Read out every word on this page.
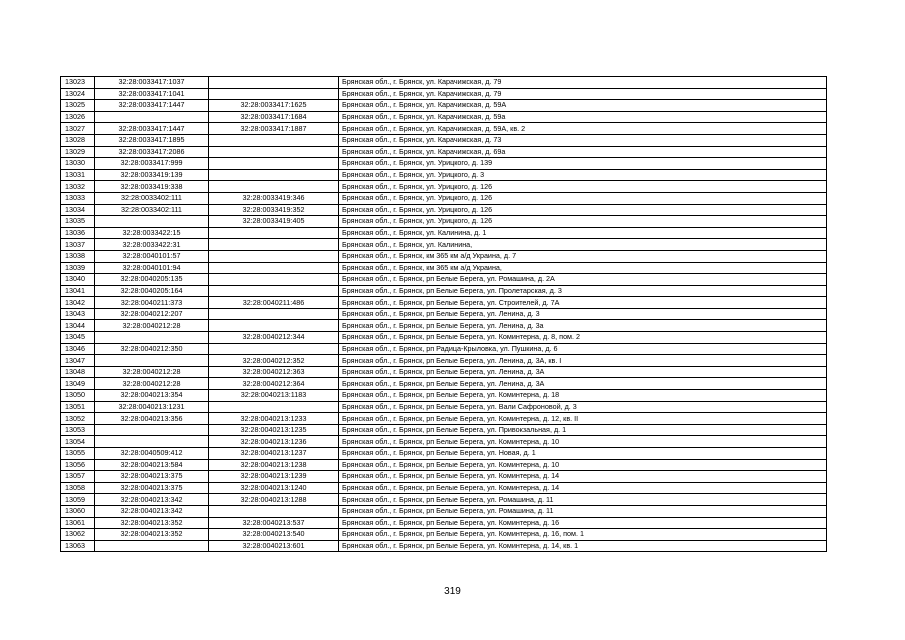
13023	32:28:0033417:1037		Брянская обл., г. Брянск, ул. Карачижская, д. 79
13024	32:28:0033417:1041		Брянская обл., г. Брянск, ул. Карачижская, д. 79
13025	32:28:0033417:1447	32:28:0033417:1625	Брянская обл., г. Брянск, ул. Карачижская, д. 59А
13026		32:28:0033417:1684	Брянская обл., г. Брянск, ул. Карачижская, д. 59а
13027	32:28:0033417:1447	32:28:0033417:1887	Брянская обл., г. Брянск, ул. Карачижская, д. 59А, кв. 2
13028	32:28:0033417:1895		Брянская обл., г. Брянск, ул. Карачижская, д. 73
13029	32:28:0033417:2086		Брянская обл., г. Брянск, ул. Карачижская, д. 69а
13030	32:28:0033417:999		Брянская обл., г. Брянск, ул. Урицкого, д. 139
13031	32:28:0033419:139		Брянская обл., г. Брянск, ул. Урицкого, д. 3
13032	32:28:0033419:338		Брянская обл., г. Брянск, ул. Урицкого, д. 126
13033	32:28:0033402:111	32:28:0033419:346	Брянская обл., г. Брянск, ул. Урицкого, д. 126
13034	32:28:0033402:111	32:28:0033419:352	Брянская обл., г. Брянск, ул. Урицкого, д. 126
13035		32:28:0033419:405	Брянская обл., г. Брянск, ул. Урицкого, д. 126
13036	32:28:0033422:15		Брянская обл., г. Брянск, ул. Калинина, д. 1
13037	32:28:0033422:31		Брянская обл., г. Брянск, ул. Калинина,
13038	32:28:0040101:57		Брянская обл., г. Брянск, км 365 км а/д Украина, д. 7
13039	32:28:0040101:94		Брянская обл., г. Брянск, км 365 км а/д Украина,
13040	32:28:0040205:135		Брянская обл., г. Брянск, рп Белые Берега, ул. Ромашина, д. 2А
13041	32:28:0040205:164		Брянская обл., г. Брянск, рп Белые Берега, ул. Пролетарская, д. 3
13042	32:28:0040211:373	32:28:0040211:486	Брянская обл., г. Брянск, рп Белые Берега, ул. Строителей, д. 7А
13043	32:28:0040212:207		Брянская обл., г. Брянск, рп Белые Берега, ул. Ленина, д. 3
13044	32:28:0040212:28		Брянская обл., г. Брянск, рп Белые Берега, ул. Ленина, д. 3а
13045		32:28:0040212:344	Брянская обл., г. Брянск, рп Белые Берега, ул. Коминтерна, д. 8, пом. 2
13046	32:28:0040212:350		Брянская обл., г. Брянск, рп Радица-Крыловка, ул. Пушкина, д. 6
13047		32:28:0040212:352	Брянская обл., г. Брянск, рп Белые Берега, ул. Ленина, д. 3А, кв. I
13048	32:28:0040212:28	32:28:0040212:363	Брянская обл., г. Брянск, рп Белые Берега, ул. Ленина, д. 3А
13049	32:28:0040212:28	32:28:0040212:364	Брянская обл., г. Брянск, рп Белые Берега, ул. Ленина, д. 3А
13050	32:28:0040213:354	32:28:0040213:1183	Брянская обл., г. Брянск, рп Белые Берега, ул. Коминтерна, д. 18
13051	32:28:0040213:1231		Брянская обл., г. Брянск, рп Белые Берега, ул. Вали Сафроновой, д. 3
13052	32:28:0040213:356	32:28:0040213:1233	Брянская обл., г. Брянск, рп Белые Берега, ул. Коминтерна, д. 12, кв. II
13053		32:28:0040213:1235	Брянская обл., г. Брянск, рп Белые Берега, ул. Привокзальная, д. 1
13054		32:28:0040213:1236	Брянская обл., г. Брянск, рп Белые Берега, ул. Коминтерна, д. 10
13055	32:28:0040509:412	32:28:0040213:1237	Брянская обл., г. Брянск, рп Белые Берега, ул. Новая, д. 1
13056	32:28:0040213:584	32:28:0040213:1238	Брянская обл., г. Брянск, рп Белые Берега, ул. Коминтерна, д. 10
13057	32:28:0040213:375	32:28:0040213:1239	Брянская обл., г. Брянск, рп Белые Берега, ул. Коминтерна, д. 14
13058	32:28:0040213:375	32:28:0040213:1240	Брянская обл., г. Брянск, рп Белые Берега, ул. Коминтерна, д. 14
13059	32:28:0040213:342	32:28:0040213:1288	Брянская обл., г. Брянск, рп Белые Берега, ул. Ромашина, д. 11
13060	32:28:0040213:342		Брянская обл., г. Брянск, рп Белые Берега, ул. Ромашина, д. 11
13061	32:28:0040213:352	32:28:0040213:537	Брянская обл., г. Брянск, рп Белые Берега, ул. Коминтерна, д. 16
13062	32:28:0040213:352	32:28:0040213:540	Брянская обл., г. Брянск, рп Белые Берега, ул. Коминтерна, д. 16, пом. 1
13063		32:28:0040213:601	Брянская обл., г. Брянск, рп Белые Берега, ул. Коминтерна, д. 14, кв. 1
319
